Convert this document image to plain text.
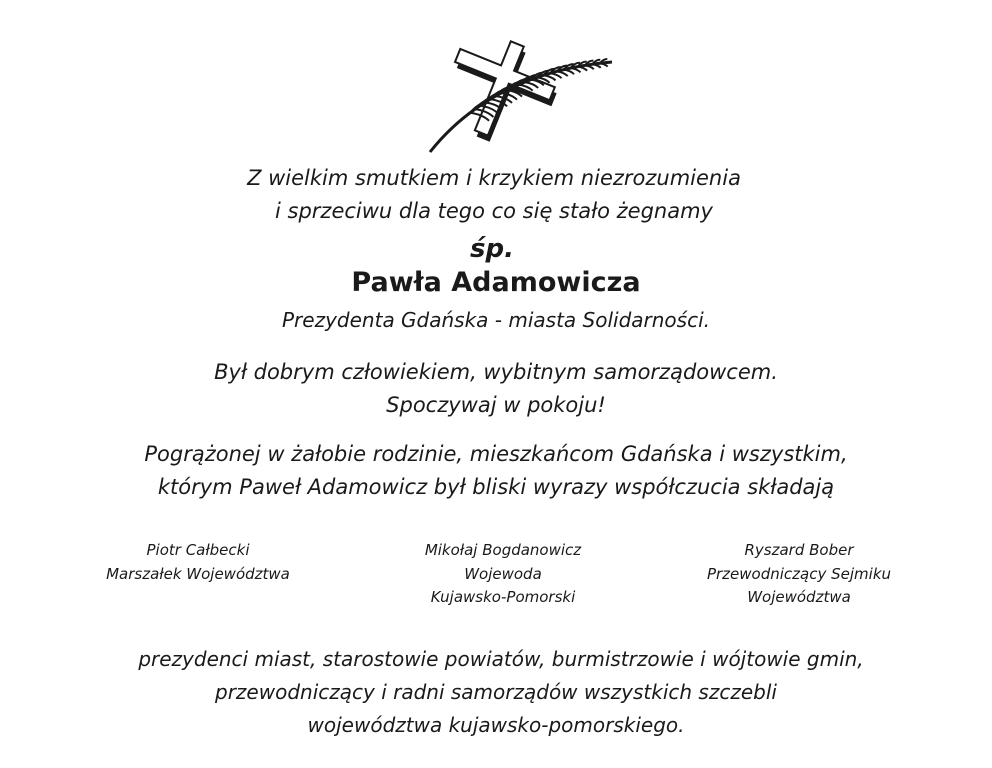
Z wielkim smutkiem i krzykiem niezrozumienia
i sprzeciwu dla tego co się stało żegnamy
śp.
Pawła Adamowicza
Prezydenta Gdańska - miasta Solidarności.
Był dobrym człowiekiem, wybitnym samorządowcem.
Spoczywaj w pokoju!
Pogrążonej w żałobie rodzinie, mieszkańcom Gdańska i wszystkim,
którym Paweł Adamowicz był bliski wyrazy współczucia składają
Piotr Całbecki
Marszałek Województwa
Mikołaj Bogdanowicz
Wojewoda
Kujawsko-Pomorski
Ryszard Bober
Przewodniczący Sejmiku
Województwa
prezydenci miast, starostowie powiatów, burmistrzowie i wójtowie gmin,
przewodniczący i radni samorządów wszystkich szczebli
województwa kujawsko-pomorskiego.
